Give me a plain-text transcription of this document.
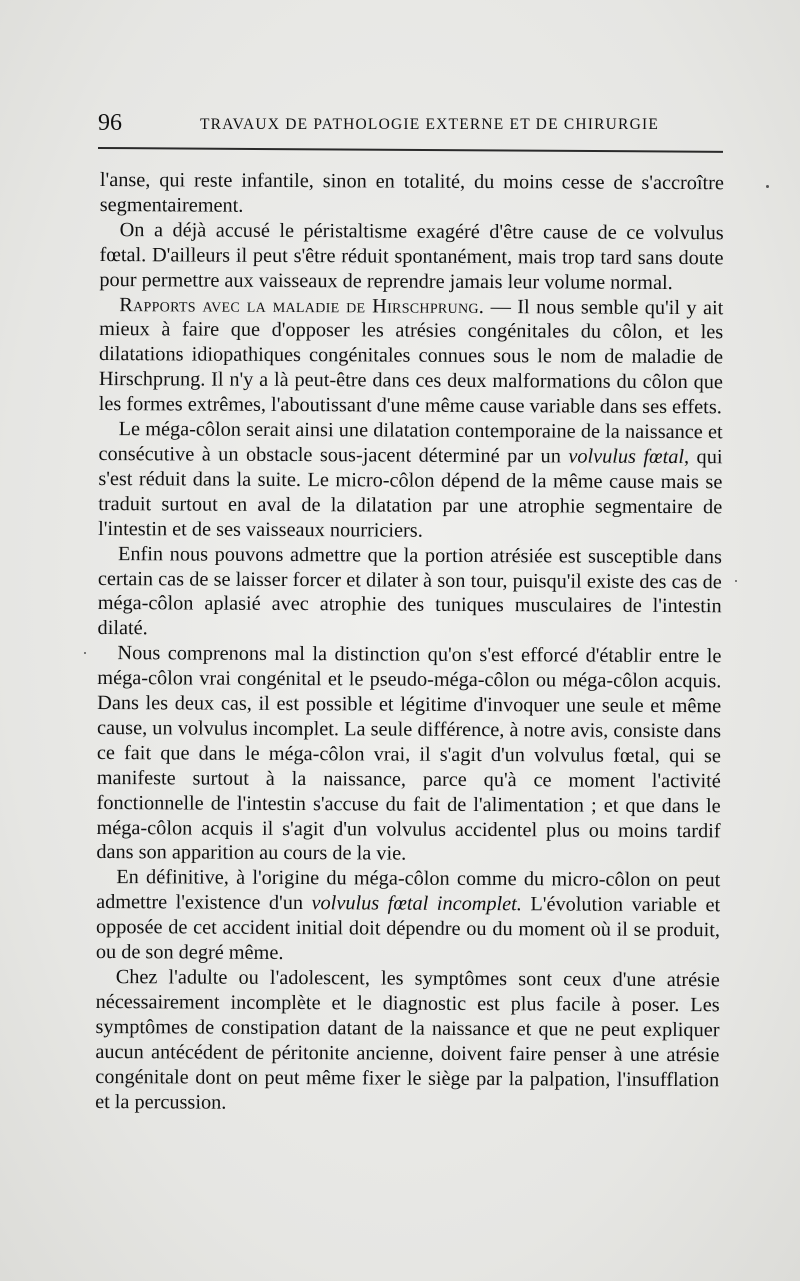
96	TRAVAUX DE PATHOLOGIE EXTERNE ET DE CHIRURGIE

l'anse, qui reste infantile, sinon en totalité, du moins cesse de s'accroître segmentairement.

On a déjà accusé le péristaltisme exagéré d'être cause de ce volvulus fœtal. D'ailleurs il peut s'être réduit spontanément, mais trop tard sans doute pour permettre aux vaisseaux de reprendre jamais leur volume normal.

Rapports avec la maladie de Hirschprung. — Il nous semble qu'il y ait mieux à faire que d'opposer les atrésies congénitales du côlon, et les dilatations idiopathiques congénitales connues sous le nom de maladie de Hirschprung. Il n'y a là peut-être dans ces deux malformations du côlon que les formes extrêmes, l'aboutissant d'une même cause variable dans ses effets.

Le méga-côlon serait ainsi une dilatation contemporaine de la naissance et consécutive à un obstacle sous-jacent déterminé par un volvulus fœtal, qui s'est réduit dans la suite. Le micro-côlon dépend de la même cause mais se traduit surtout en aval de la dilatation par une atrophie segmentaire de l'intestin et de ses vaisseaux nourriciers.

Enfin nous pouvons admettre que la portion atrésiée est susceptible dans certain cas de se laisser forcer et dilater à son tour, puisqu'il existe des cas de méga-côlon aplasié avec atrophie des tuniques musculaires de l'intestin dilaté.

Nous comprenons mal la distinction qu'on s'est efforcé d'établir entre le méga-côlon vrai congénital et le pseudo-méga-côlon ou méga-côlon acquis. Dans les deux cas, il est possible et légitime d'invoquer une seule et même cause, un volvulus incomplet. La seule différence, à notre avis, consiste dans ce fait que dans le méga-côlon vrai, il s'agit d'un volvulus fœtal, qui se manifeste surtout à la naissance, parce qu'à ce moment l'activité fonctionnelle de l'intestin s'accuse du fait de l'alimentation ; et que dans le méga-côlon acquis il s'agit d'un volvulus accidentel plus ou moins tardif dans son apparition au cours de la vie.

En définitive, à l'origine du méga-côlon comme du micro-côlon on peut admettre l'existence d'un volvulus fœtal incomplet. L'évolution variable et opposée de cet accident initial doit dépendre ou du moment où il se produit, ou de son degré même.

Chez l'adulte ou l'adolescent, les symptômes sont ceux d'une atrésie nécessairement incomplète et le diagnostic est plus facile à poser. Les symptômes de constipation datant de la naissance et que ne peut expliquer aucun antécédent de péritonite ancienne, doivent faire penser à une atrésie congénitale dont on peut même fixer le siège par la palpation, l'insufflation et la percussion.
